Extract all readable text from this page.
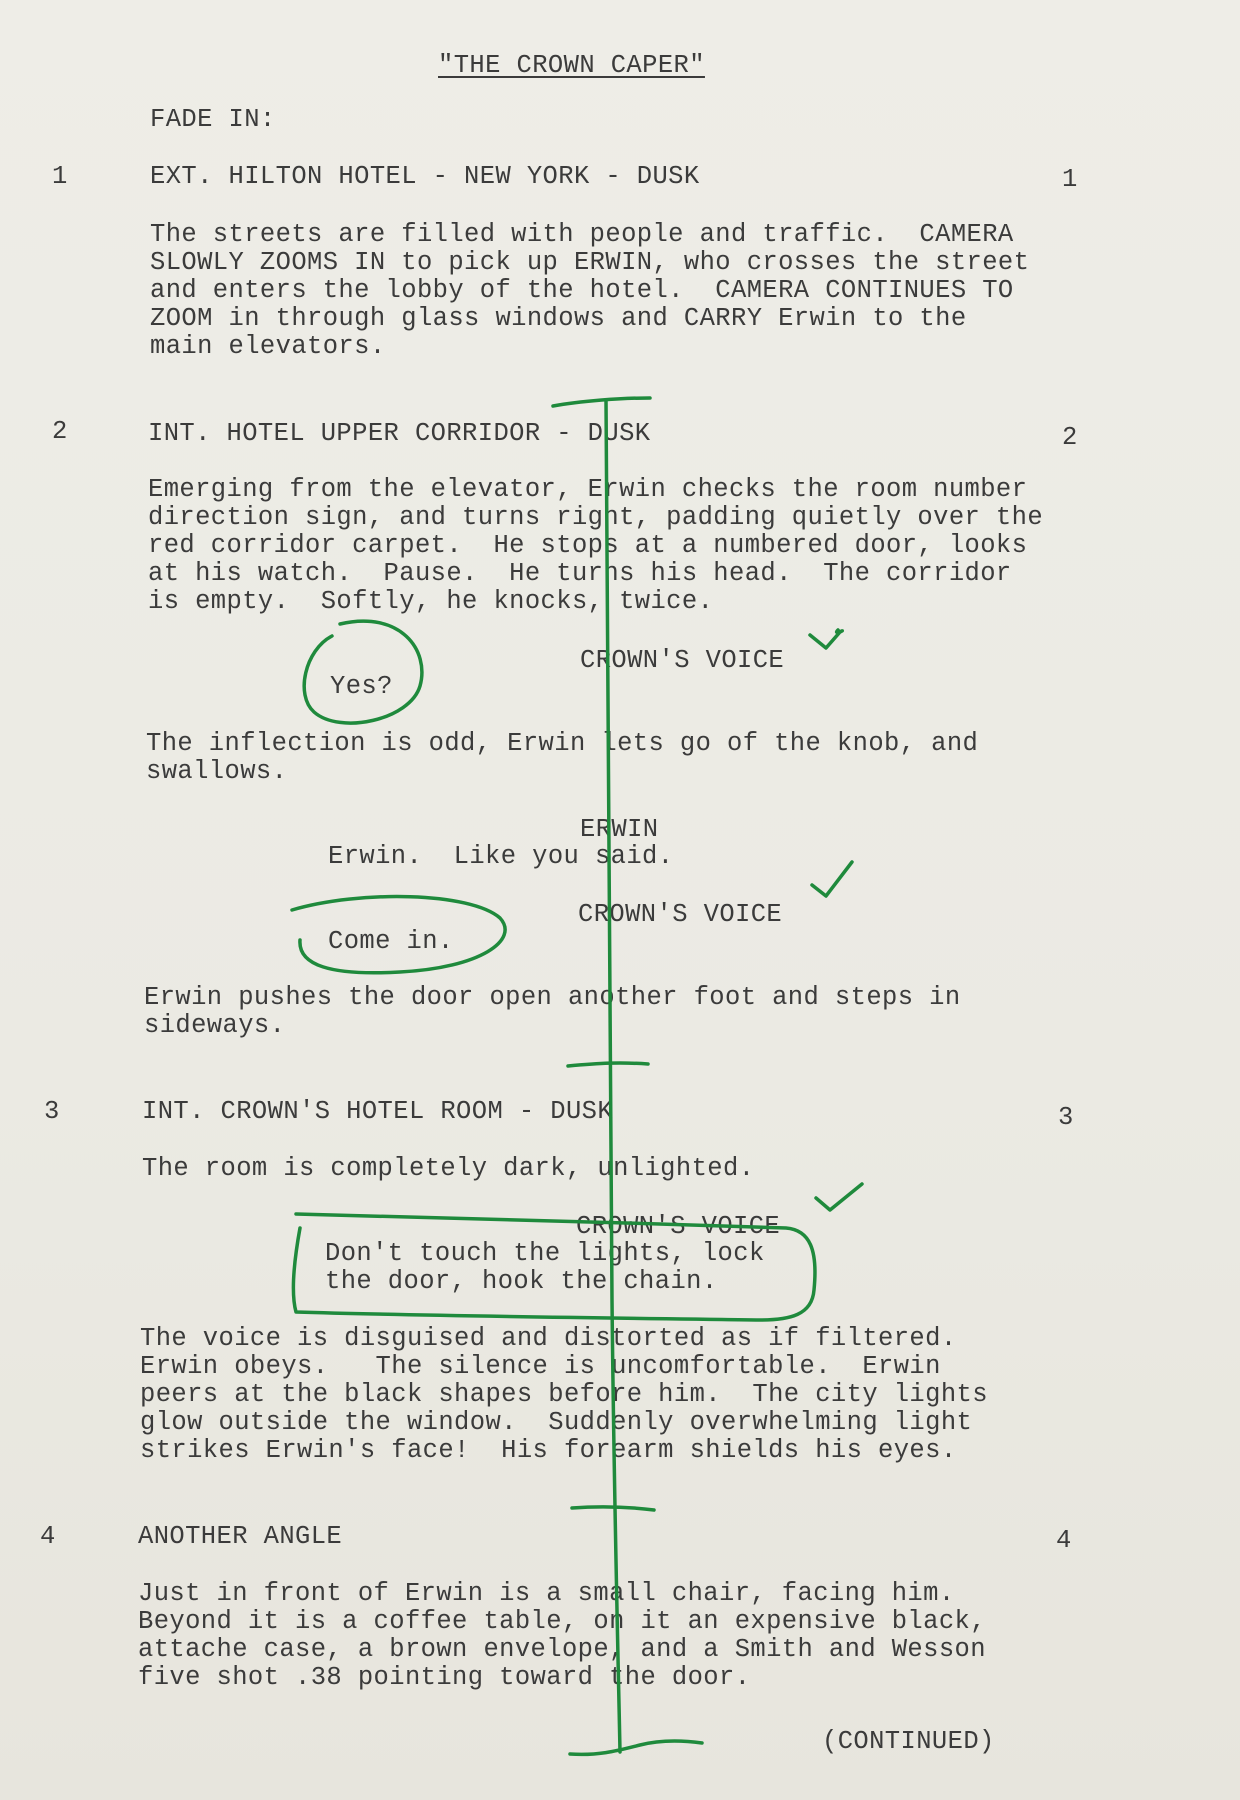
"THE CROWN CAPER"
FADE IN:
1	EXT. HILTON HOTEL - NEW YORK - DUSK	1
The streets are filled with people and traffic.  CAMERA
SLOWLY ZOOMS IN to pick up ERWIN, who crosses the street
and enters the lobby of the hotel.  CAMERA CONTINUES TO
ZOOM in through glass windows and CARRY Erwin to the
main elevators.
2	INT. HOTEL UPPER CORRIDOR - DUSK	2
Emerging from the elevator, Erwin checks the room number
direction sign, and turns right, padding quietly over the
red corridor carpet.  He stops at a numbered door, looks
at his watch.  Pause.  He turns his head.  The corridor
is empty.  Softly, he knocks, twice.
CROWN'S VOICE
Yes?
The inflection is odd, Erwin lets go of the knob, and
swallows.
ERWIN
Erwin.  Like you said.
CROWN'S VOICE
Come in.
Erwin pushes the door open another foot and steps in
sideways.
3	INT. CROWN'S HOTEL ROOM - DUSK	3
The room is completely dark, unlighted.
CROWN'S VOICE
Don't touch the lights, lock
the door, hook the chain.
The voice is disguised and distorted as if filtered.
Erwin obeys.   The silence is uncomfortable.  Erwin
peers at the black shapes before him.  The city lights
glow outside the window.  Suddenly overwhelming light
strikes Erwin's face!  His forearm shields his eyes.
4	ANOTHER ANGLE	4
Just in front of Erwin is a small chair, facing him.
Beyond it is a coffee table, on it an expensive black,
attache case, a brown envelope, and a Smith and Wesson
five shot .38 pointing toward the door.
(CONTINUED)
